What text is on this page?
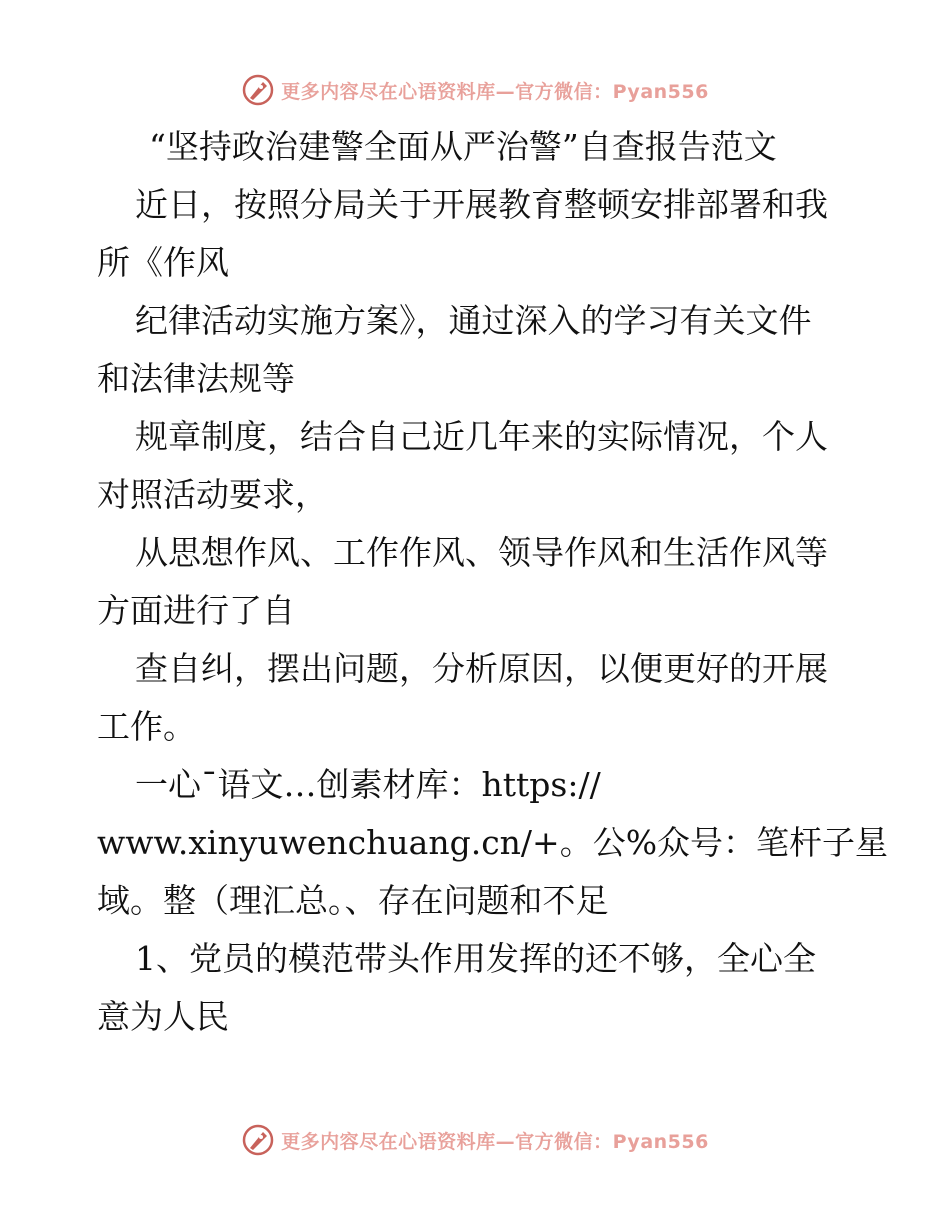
更多内容尽在心语资料库—官方微信：Pyan556
“坚持政治建警全面从严治警”自查报告范文
近日，按照分局关于开展教育整顿安排部署和我
所《作风
纪律活动实施方案》，通过深入的学习有关文件
和法律法规等
规章制度，结合自己近几年来的实际情况，个人
对照活动要求，
从思想作风、工作作风、领导作风和生活作风等
方面进行了自
查自纠，摆出问题，分析原因，以便更好的开展
工作。
一心¯语文…创素材库：https://
www.xinyuwenchuang.cn/+。公%众号：笔杆子星
域。整（理汇总。、存在问题和不足
1、党员的模范带头作用发挥的还不够，全心全
意为人民
更多内容尽在心语资料库—官方微信：Pyan556
